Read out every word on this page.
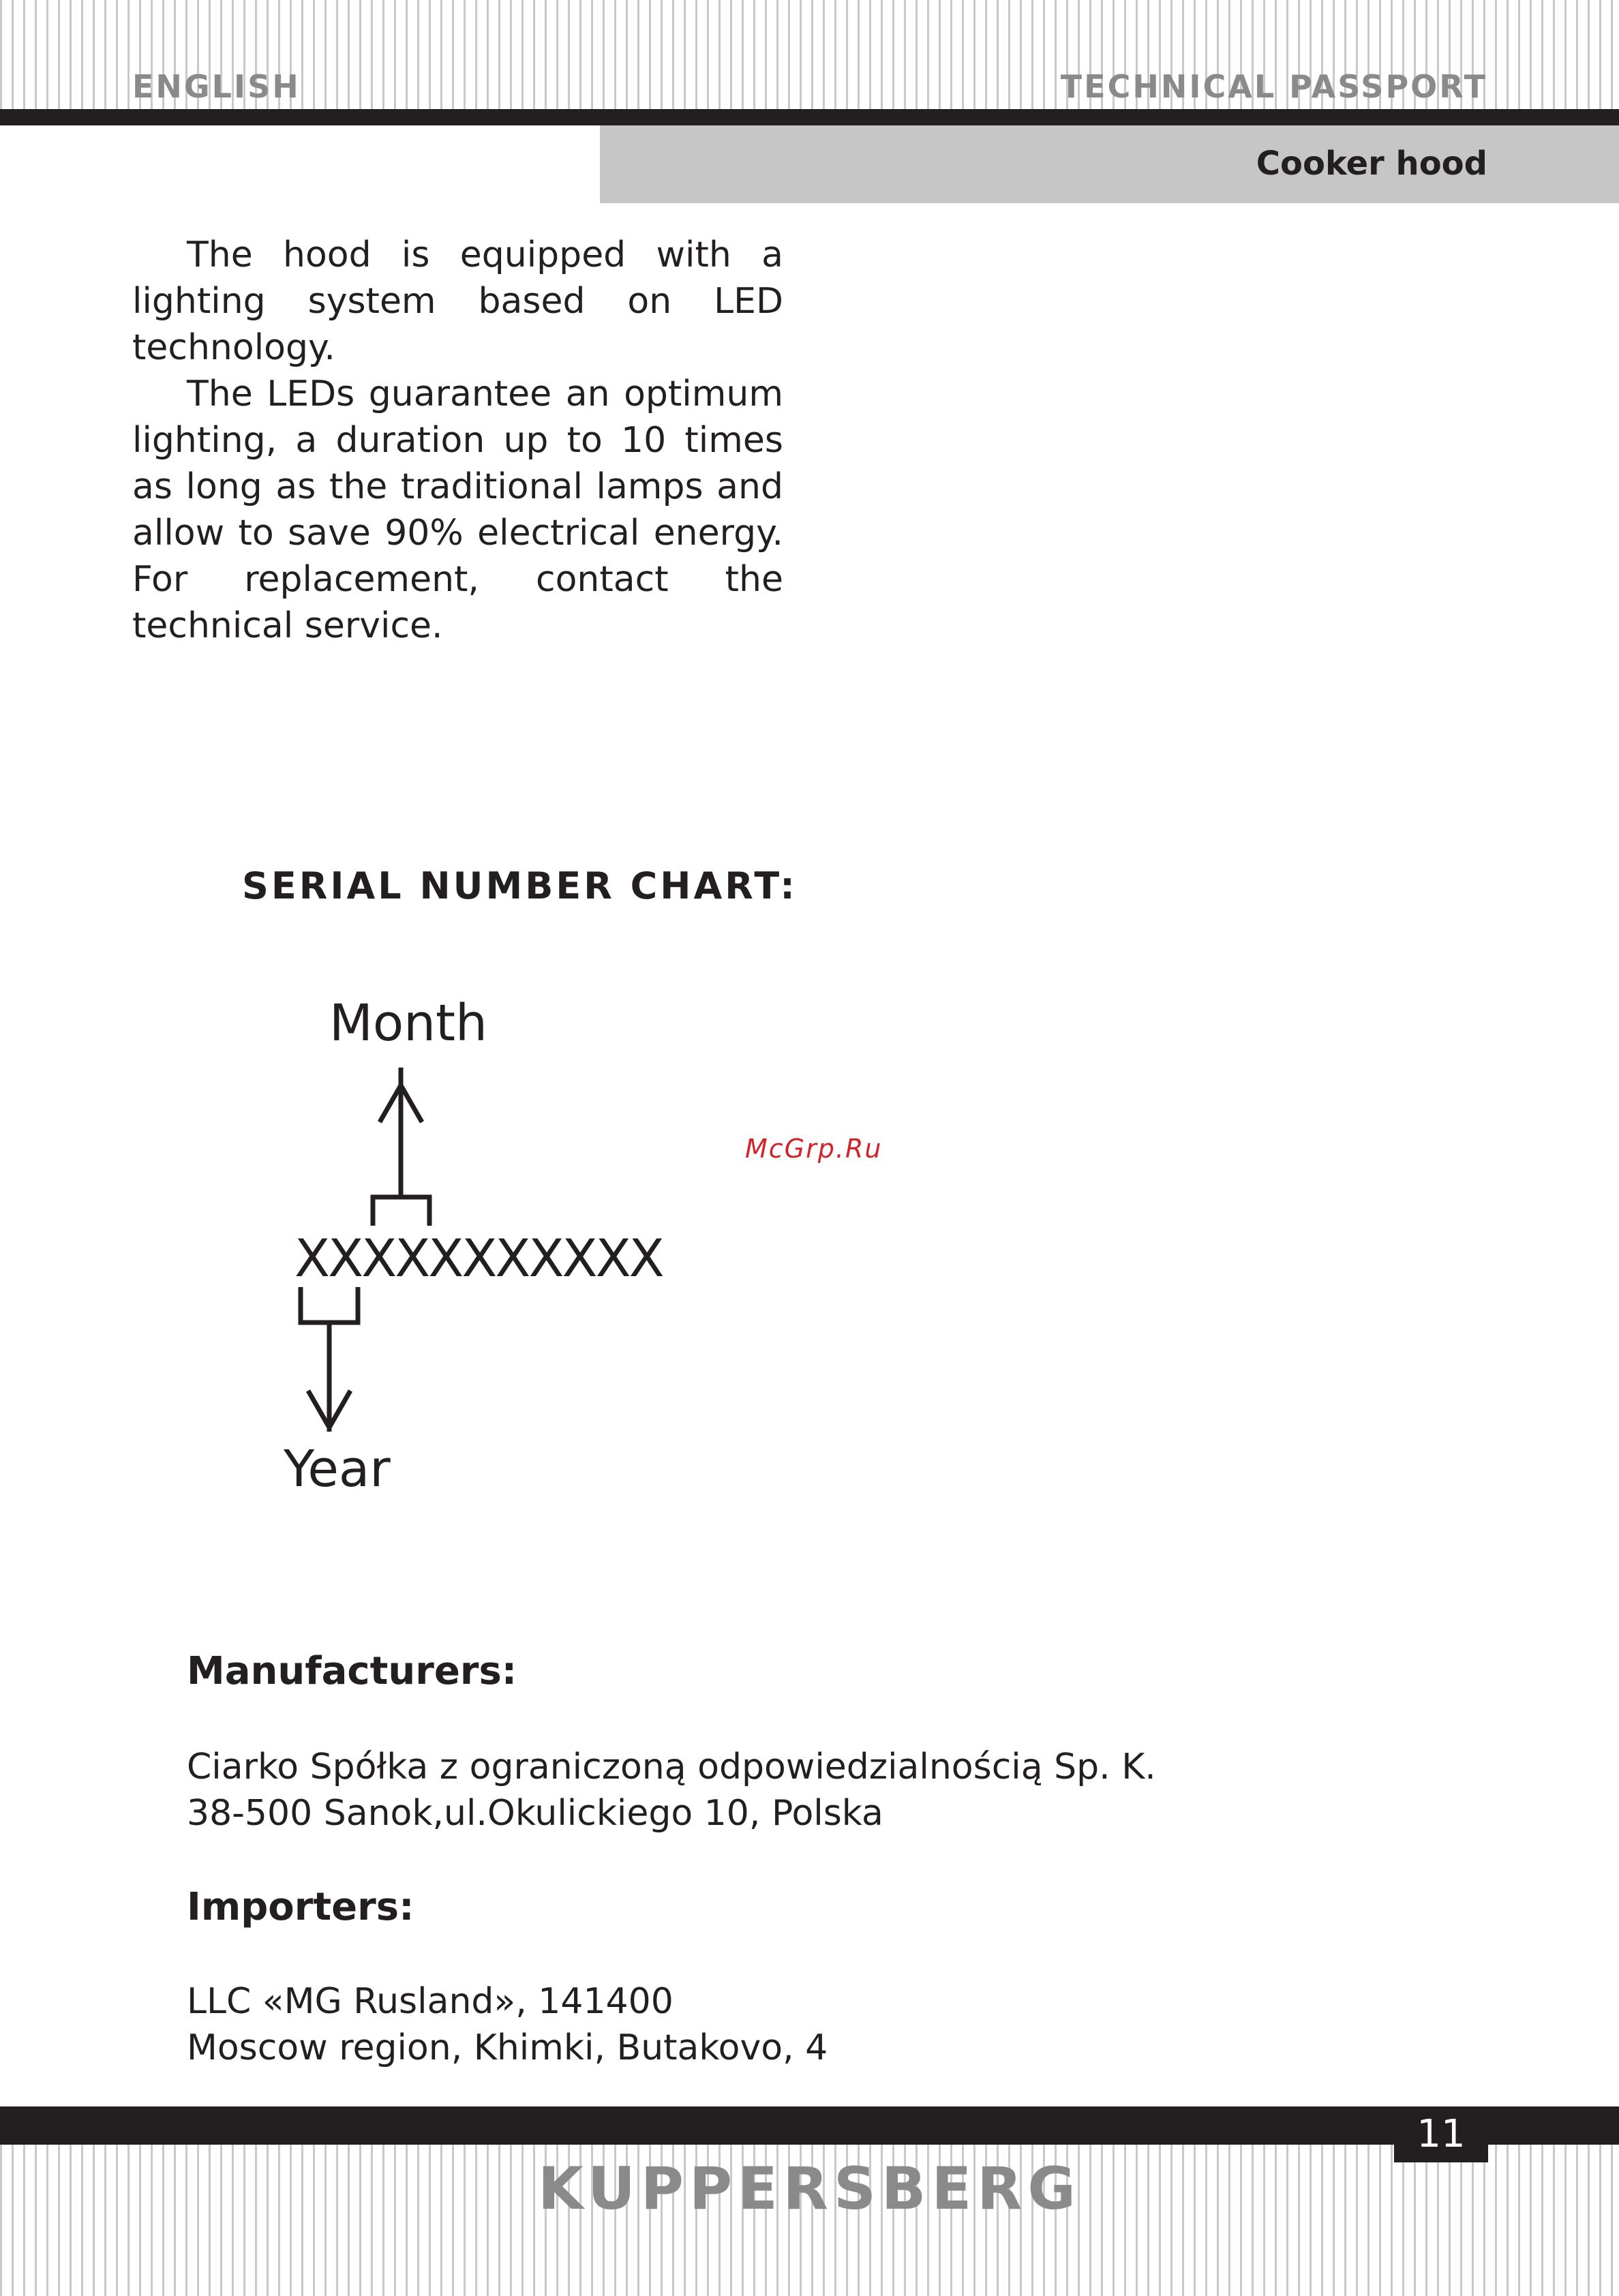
ENGLISH	TECHNICAL PASSPORT
Cooker hood

The hood is equipped with a lighting system based on LED technology.

The LEDs guarantee an optimum lighting, a duration up to 10 times as long as the traditional lamps and allow to save 90% electrical energy. For replacement, contact the technical service.

SERIAL NUMBER CHART:
McGrp.Ru
Month
XXXXXXXXXXX
Year
Manufacturers:
Ciarko Spółka z ograniczoną odpowiedzialnością Sp. K.
38-500 Sanok,ul.Okulickiego 10, Polska
Importers:
LLC «MG Rusland», 141400
Moscow region, Khimki, Butakovo, 4
11
KUPPERSBERG
